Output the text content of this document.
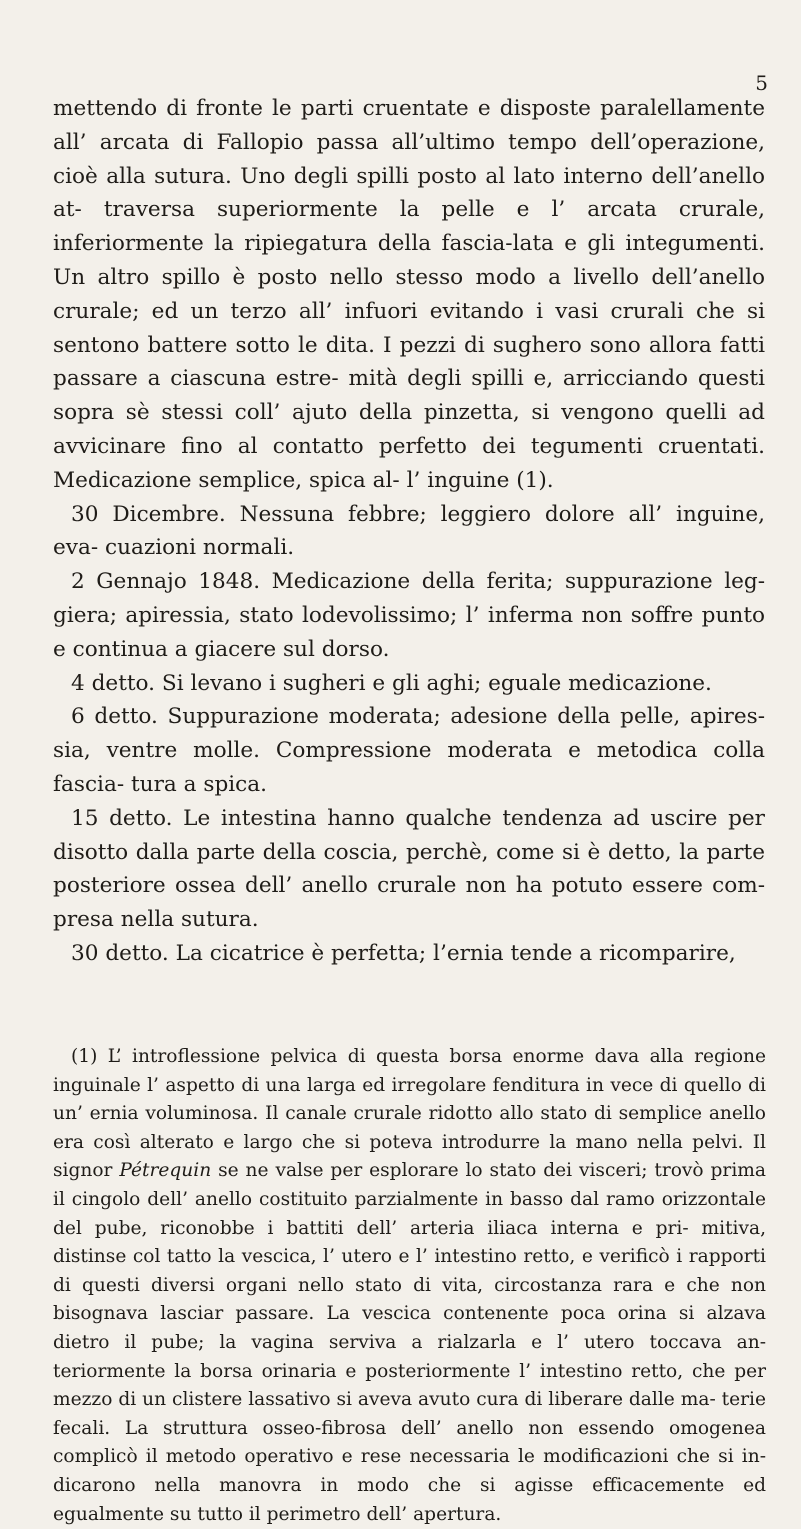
5

mettendo di fronte le parti cruentate e disposte paralellamente all’ arcata di Fallopio passa all’ultimo tempo dell’operazione, cioè alla sutura. Uno degli spilli posto al lato interno dell’anello at- traversa superiormente la pelle e l’ arcata crurale, inferiormente la ripiegatura della fascia-lata e gli integumenti. Un altro spillo è posto nello stesso modo a livello dell’anello crurale; ed un terzo all’ infuori evitando i vasi crurali che si sentono battere sotto le dita. I pezzi di sughero sono allora fatti passare a ciascuna estre- mità degli spilli e, arricciando questi sopra sè stessi coll’ ajuto della pinzetta, si vengono quelli ad avvicinare fino al contatto perfetto dei tegumenti cruentati. Medicazione semplice, spica al- l’ inguine (1).

30 Dicembre. Nessuna febbre; leggiero dolore all’ inguine, eva- cuazioni normali.

2 Gennajo 1848. Medicazione della ferita; suppurazione leg- giera; apiressia, stato lodevolissimo; l’ inferma non soffre punto e continua a giacere sul dorso.

4 detto. Si levano i sugheri e gli aghi; eguale medicazione.

6 detto. Suppurazione moderata; adesione della pelle, apires- sia, ventre molle. Compressione moderata e metodica colla fascia- tura a spica.

15 detto. Le intestina hanno qualche tendenza ad uscire per disotto dalla parte della coscia, perchè, come si è detto, la parte posteriore ossea dell’ anello crurale non ha potuto essere com- presa nella sutura.

30 detto. La cicatrice è perfetta; l’ernia tende a ricomparire,

(1) L’ introflessione pelvica di questa borsa enorme dava alla regione inguinale l’ aspetto di una larga ed irregolare fenditura in vece di quello di un’ ernia voluminosa. Il canale crurale ridotto allo stato di semplice anello era così alterato e largo che si poteva introdurre la mano nella pelvi. Il signor Pétrequin se ne valse per esplorare lo stato dei visceri; trovò prima il cingolo dell’ anello costituito parzialmente in basso dal ramo orizzontale del pube, riconobbe i battiti dell’ arteria iliaca interna e pri- mitiva, distinse col tatto la vescica, l’ utero e l’ intestino retto, e verificò i rapporti di questi diversi organi nello stato di vita, circostanza rara e che non bisognava lasciar passare. La vescica contenente poca orina si alzava dietro il pube; la vagina serviva a rialzarla e l’ utero toccava an- teriormente la borsa orinaria e posteriormente l’ intestino retto, che per mezzo di un clistere lassativo si aveva avuto cura di liberare dalle ma- terie fecali. La struttura osseo-fibrosa dell’ anello non essendo omogenea complicò il metodo operativo e rese necessaria le modificazioni che si in- dicarono nella manovra in modo che si agisse efficacemente ed egualmente su tutto il perimetro dell’ apertura.
